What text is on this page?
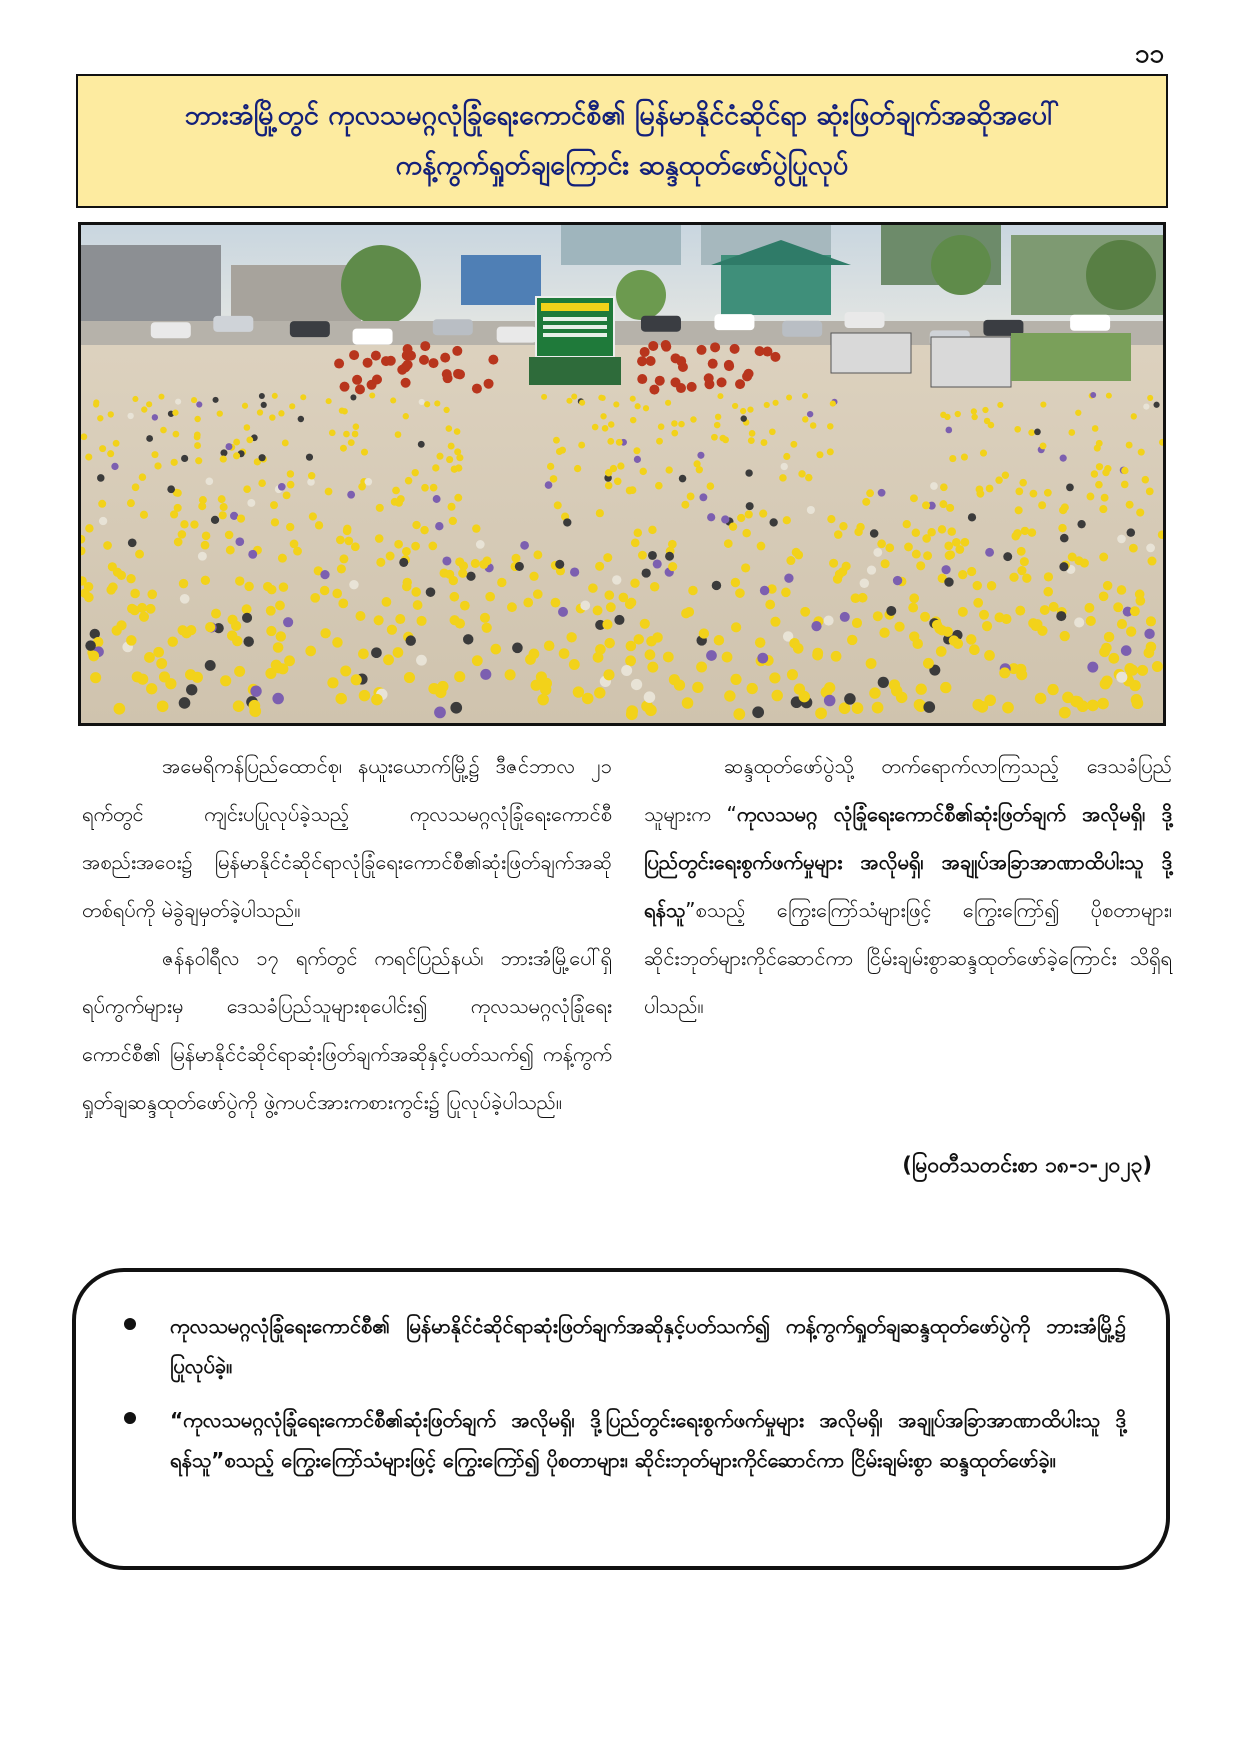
၁၁
ဘားအံမြို့တွင် ကုလသမဂ္ဂလုံခြုံရေးကောင်စီ၏ မြန်မာနိုင်ငံဆိုင်ရာ ဆုံးဖြတ်ချက်အဆိုအပေါ်
ကန့်ကွက်ရှုတ်ချကြောင်း ဆန္ဒထုတ်ဖော်ပွဲပြုလုပ်

အမေရိကန်ပြည်ထောင်စု၊ နယူးယောက်မြို့၌ ဒီဇင်ဘာလ ၂၁ ရက်တွင် ကျင်းပပြုလုပ်ခဲ့သည့် ကုလသမဂ္ဂလုံခြုံရေးကောင်စီအစည်းအဝေး၌ မြန်မာနိုင်ငံဆိုင်ရာလုံခြုံရေးကောင်စီ၏ဆုံးဖြတ်ချက်အဆိုတစ်ရပ်ကို မဲခွဲချမှတ်ခဲ့ပါသည်။

ဇန်နဝါရီလ ၁၇ ရက်တွင် ကရင်ပြည်နယ်၊ ဘားအံမြို့ပေါ်ရှိ ရပ်ကွက်များမှ ဒေသခံပြည်သူများစုပေါင်း၍ ကုလသမဂ္ဂလုံခြုံရေးကောင်စီ၏ မြန်မာနိုင်ငံဆိုင်ရာဆုံးဖြတ်ချက်အဆိုနှင့်ပတ်သက်၍ ကန့်ကွက်ရှုတ်ချဆန္ဒထုတ်ဖော်ပွဲကို ဖွဲ့ကပင်အားကစားကွင်း၌ ပြုလုပ်ခဲ့ပါသည်။

ဆန္ဒထုတ်ဖော်ပွဲသို့ တက်ရောက်လာကြသည့် ဒေသခံပြည်သူများက “ကုလသမဂ္ဂ လုံခြုံရေးကောင်စီ၏ဆုံးဖြတ်ချက် အလိုမရှိ၊ ဒို့ပြည်တွင်းရေးစွက်ဖက်မှုများ အလိုမရှိ၊ အချုပ်အခြာအာဏာထိပါးသူ ဒို့ရန်သူ”စသည့် ကြွေးကြော်သံများဖြင့် ကြွေးကြော်၍ ပိုစတာများ၊ ဆိုင်းဘုတ်များကိုင်ဆောင်ကာ ငြိမ်းချမ်းစွာဆန္ဒထုတ်ဖော်ခဲ့ကြောင်း သိရှိရပါသည်။

(မြဝတီသတင်းစာ ၁၈-၁-၂၀၂၃)
ကုလသမဂ္ဂလုံခြုံရေးကောင်စီ၏ မြန်မာနိုင်ငံဆိုင်ရာဆုံးဖြတ်ချက်အဆိုနှင့်ပတ်သက်၍ ကန့်ကွက်ရှုတ်ချဆန္ဒထုတ်ဖော်ပွဲကို ဘားအံမြို့၌ ပြုလုပ်ခဲ့။
“ကုလသမဂ္ဂလုံခြုံရေးကောင်စီ၏ဆုံးဖြတ်ချက် အလိုမရှိ၊ ဒို့ပြည်တွင်းရေးစွက်ဖက်မှုများ အလိုမရှိ၊ အချုပ်အခြာအာဏာထိပါးသူ ဒို့ရန်သူ”စသည့် ကြွေးကြော်သံများဖြင့် ကြွေးကြော်၍ ပိုစတာများ၊ ဆိုင်းဘုတ်များကိုင်ဆောင်ကာ ငြိမ်းချမ်းစွာ ဆန္ဒထုတ်ဖော်ခဲ့။
